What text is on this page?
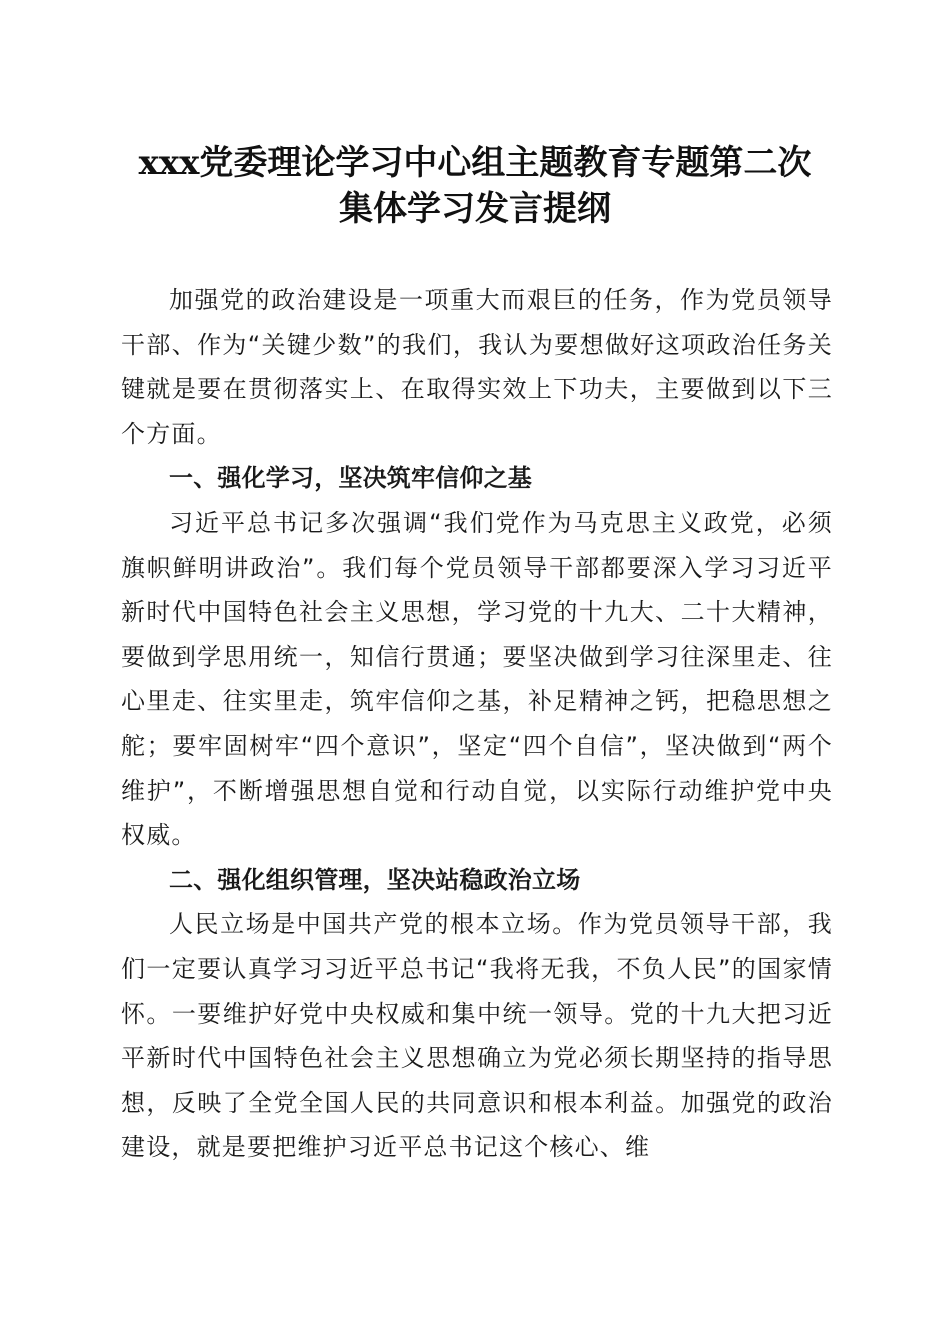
xxx党委理论学习中心组主题教育专题第二次
集体学习发言提纲

加强党的政治建设是一项重大而艰巨的任务，作为党员领导干部、作为“关键少数”的我们，我认为要想做好这项政治任务关键就是要在贯彻落实上、在取得实效上下功夫，主要做到以下三个方面。

一、强化学习，坚决筑牢信仰之基

习近平总书记多次强调“我们党作为马克思主义政党，必须旗帜鲜明讲政治”。我们每个党员领导干部都要深入学习习近平新时代中国特色社会主义思想，学习党的十九大、二十大精神，要做到学思用统一，知信行贯通；要坚决做到学习往深里走、往心里走、往实里走，筑牢信仰之基，补足精神之钙，把稳思想之舵；要牢固树牢“四个意识”，坚定“四个自信”，坚决做到“两个维护”，不断增强思想自觉和行动自觉，以实际行动维护党中央权威。

二、强化组织管理，坚决站稳政治立场

人民立场是中国共产党的根本立场。作为党员领导干部，我们一定要认真学习习近平总书记“我将无我，不负人民”的国家情怀。一要维护好党中央权威和集中统一领导。党的十九大把习近平新时代中国特色社会主义思想确立为党必须长期坚持的指导思想，反映了全党全国人民的共同意识和根本利益。加强党的政治建设，就是要把维护习近平总书记这个核心、维
